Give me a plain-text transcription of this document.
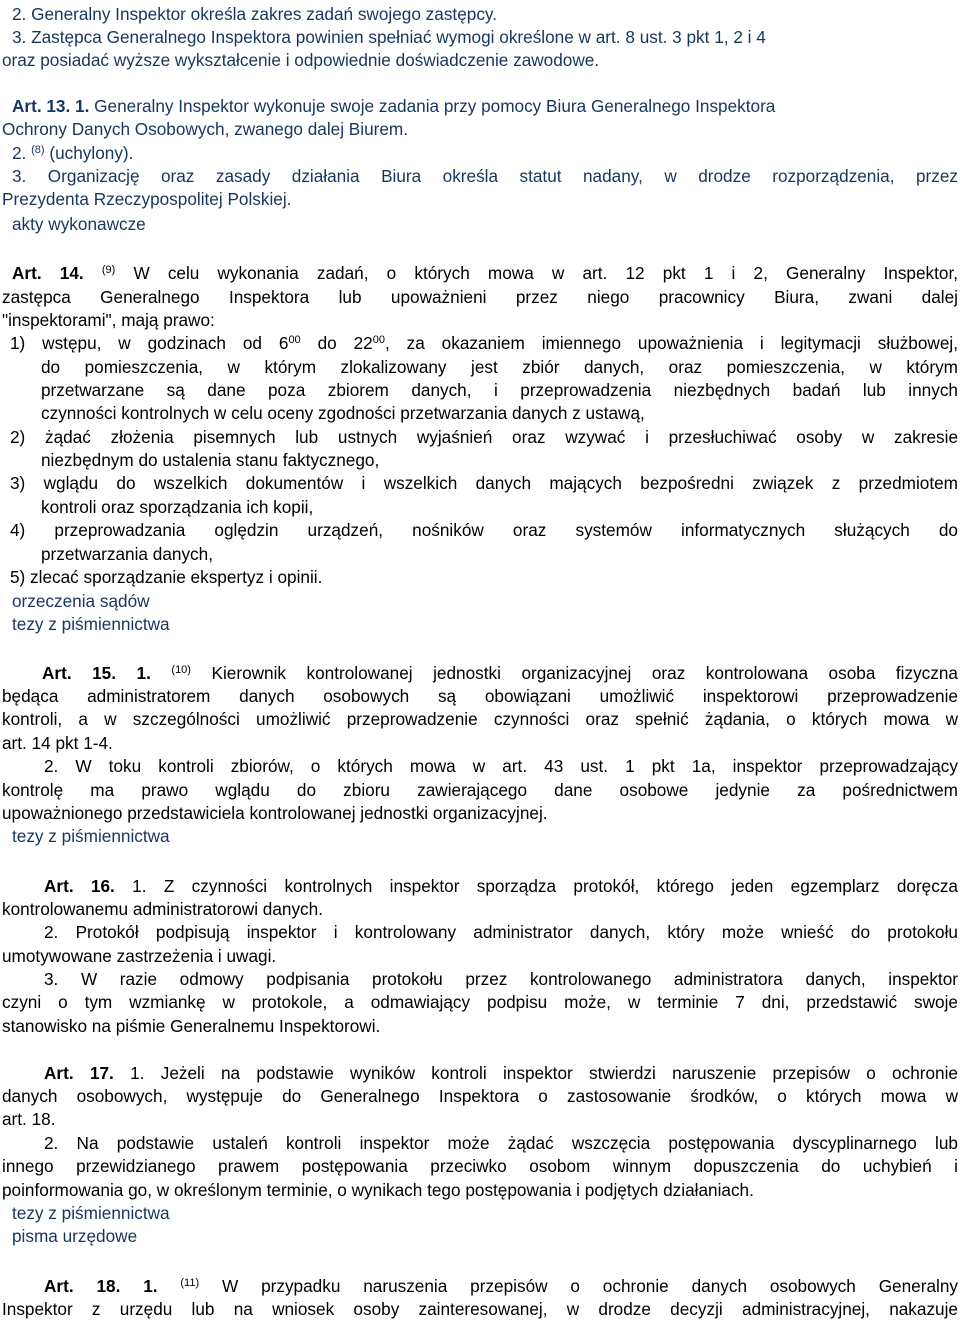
2. Generalny Inspektor określa zakres zadań swojego zastępcy.
3. Zastępca Generalnego Inspektora powinien spełniać wymogi określone w art. 8 ust. 3 pkt 1, 2 i 4
oraz posiadać wyższe wykształcenie i odpowiednie doświadczenie zawodowe.
Art. 13. 1. Generalny Inspektor wykonuje swoje zadania przy pomocy Biura Generalnego Inspektora
Ochrony Danych Osobowych, zwanego dalej Biurem.
2. $^{(8)}$ (uchylony).
3. Organizację oraz zasady działania Biura określa statut nadany, w drodze rozporządzenia, przez
Prezydenta Rzeczypospolitej Polskiej.
akty wykonawcze
Art. 14. $^{(9)}$ W celu wykonania zadań, o których mowa w art. 12 pkt 1 i 2, Generalny Inspektor,
zastępca Generalnego Inspektora lub upoważnieni przez niego pracownicy Biura, zwani dalej
"inspektorami", mają prawo:
1) wstępu, w godzinach od $6^{00}$ do $22^{00}$, za okazaniem imiennego upoważnienia i legitymacji służbowej,
do pomieszczenia, w którym zlokalizowany jest zbiór danych, oraz pomieszczenia, w którym
przetwarzane są dane poza zbiorem danych, i przeprowadzenia niezbędnych badań lub innych
czynności kontrolnych w celu oceny zgodności przetwarzania danych z ustawą,
2) żądać złożenia pisemnych lub ustnych wyjaśnień oraz wzywać i przesłuchiwać osoby w zakresie
niezbędnym do ustalenia stanu faktycznego,
3) wglądu do wszelkich dokumentów i wszelkich danych mających bezpośredni związek z przedmiotem
kontroli oraz sporządzania ich kopii,
4) przeprowadzania oględzin urządzeń, nośników oraz systemów informatycznych służących do
przetwarzania danych,
5) zlecać sporządzanie ekspertyz i opinii.
orzeczenia sądów
tezy z piśmiennictwa
Art. 15. 1. $^{(10)}$ Kierownik kontrolowanej jednostki organizacyjnej oraz kontrolowana osoba fizyczna
będąca administratorem danych osobowych są obowiązani umożliwić inspektorowi przeprowadzenie
kontroli, a w szczególności umożliwić przeprowadzenie czynności oraz spełnić żądania, o których mowa w
art. 14 pkt 1-4.
2. W toku kontroli zbiorów, o których mowa w art. 43 ust. 1 pkt 1a, inspektor przeprowadzający
kontrolę ma prawo wglądu do zbioru zawierającego dane osobowe jedynie za pośrednictwem
upoważnionego przedstawiciela kontrolowanej jednostki organizacyjnej.
tezy z piśmiennictwa
Art. 16. 1. Z czynności kontrolnych inspektor sporządza protokół, którego jeden egzemplarz doręcza
kontrolowanemu administratorowi danych.
2. Protokół podpisują inspektor i kontrolowany administrator danych, który może wnieść do protokołu
umotywowane zastrzeżenia i uwagi.
3. W razie odmowy podpisania protokołu przez kontrolowanego administratora danych, inspektor
czyni o tym wzmiankę w protokole, a odmawiający podpisu może, w terminie 7 dni, przedstawić swoje
stanowisko na piśmie Generalnemu Inspektorowi.
Art. 17. 1. Jeżeli na podstawie wyników kontroli inspektor stwierdzi naruszenie przepisów o ochronie
danych osobowych, występuje do Generalnego Inspektora o zastosowanie środków, o których mowa w
art. 18.
2. Na podstawie ustaleń kontroli inspektor może żądać wszczęcia postępowania dyscyplinarnego lub
innego przewidzianego prawem postępowania przeciwko osobom winnym dopuszczenia do uchybień i
poinformowania go, w określonym terminie, o wynikach tego postępowania i podjętych działaniach.
tezy z piśmiennictwa
pisma urzędowe
Art. 18. 1. $^{(11)}$ W przypadku naruszenia przepisów o ochronie danych osobowych Generalny
Inspektor z urzędu lub na wniosek osoby zainteresowanej, w drodze decyzji administracyjnej, nakazuje
